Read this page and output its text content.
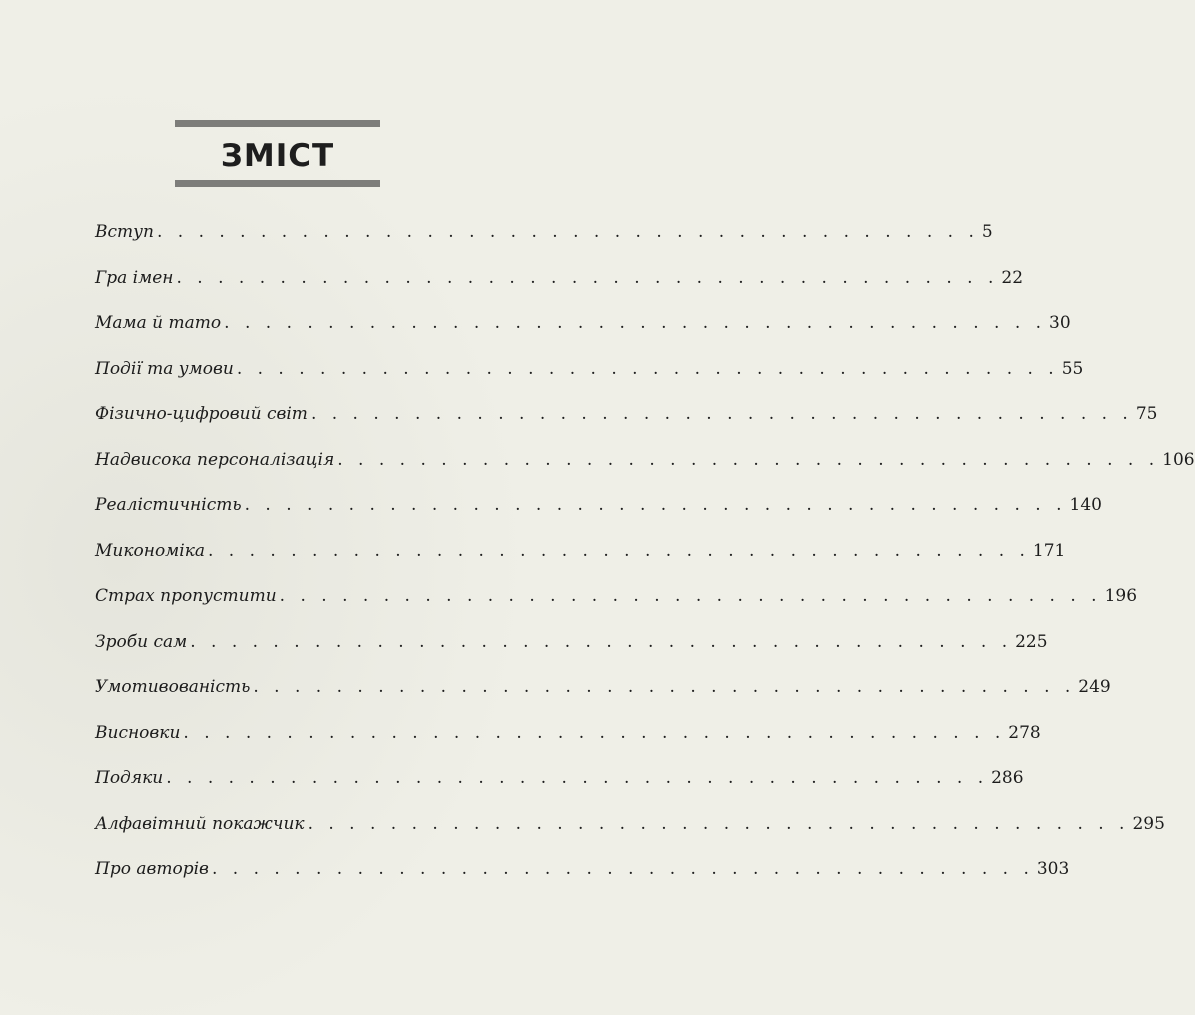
ЗМІСТ
Вступ . . . . . . . . . . . . . . . . . . . . . . . . . . . . . . . . . . . . . . . . 5
Гра імен . . . . . . . . . . . . . . . . . . . . . . . . . . . . . . . . . . . . . . . . 22
Мама й тато . . . . . . . . . . . . . . . . . . . . . . . . . . . . . . . . . . . . . . . . 30
Події та умови . . . . . . . . . . . . . . . . . . . . . . . . . . . . . . . . . . . . . . . . 55
Фізично-цифровий світ . . . . . . . . . . . . . . . . . . . . . . . . . . . . . . . . . . . . . . . . 75
Надвисока персоналізація . . . . . . . . . . . . . . . . . . . . . . . . . . . . . . . . . . . . . . . . 106
Реалістичність . . . . . . . . . . . . . . . . . . . . . . . . . . . . . . . . . . . . . . . . 140
Микономіка . . . . . . . . . . . . . . . . . . . . . . . . . . . . . . . . . . . . . . . . 171
Страх пропустити . . . . . . . . . . . . . . . . . . . . . . . . . . . . . . . . . . . . . . . . 196
Зроби сам . . . . . . . . . . . . . . . . . . . . . . . . . . . . . . . . . . . . . . . . 225
Умотивованість . . . . . . . . . . . . . . . . . . . . . . . . . . . . . . . . . . . . . . . . 249
Висновки . . . . . . . . . . . . . . . . . . . . . . . . . . . . . . . . . . . . . . . . 278
Подяки . . . . . . . . . . . . . . . . . . . . . . . . . . . . . . . . . . . . . . . . 286
Алфавітний покажчик . . . . . . . . . . . . . . . . . . . . . . . . . . . . . . . . . . . . . . . . 295
Про авторів . . . . . . . . . . . . . . . . . . . . . . . . . . . . . . . . . . . . . . . . 303
